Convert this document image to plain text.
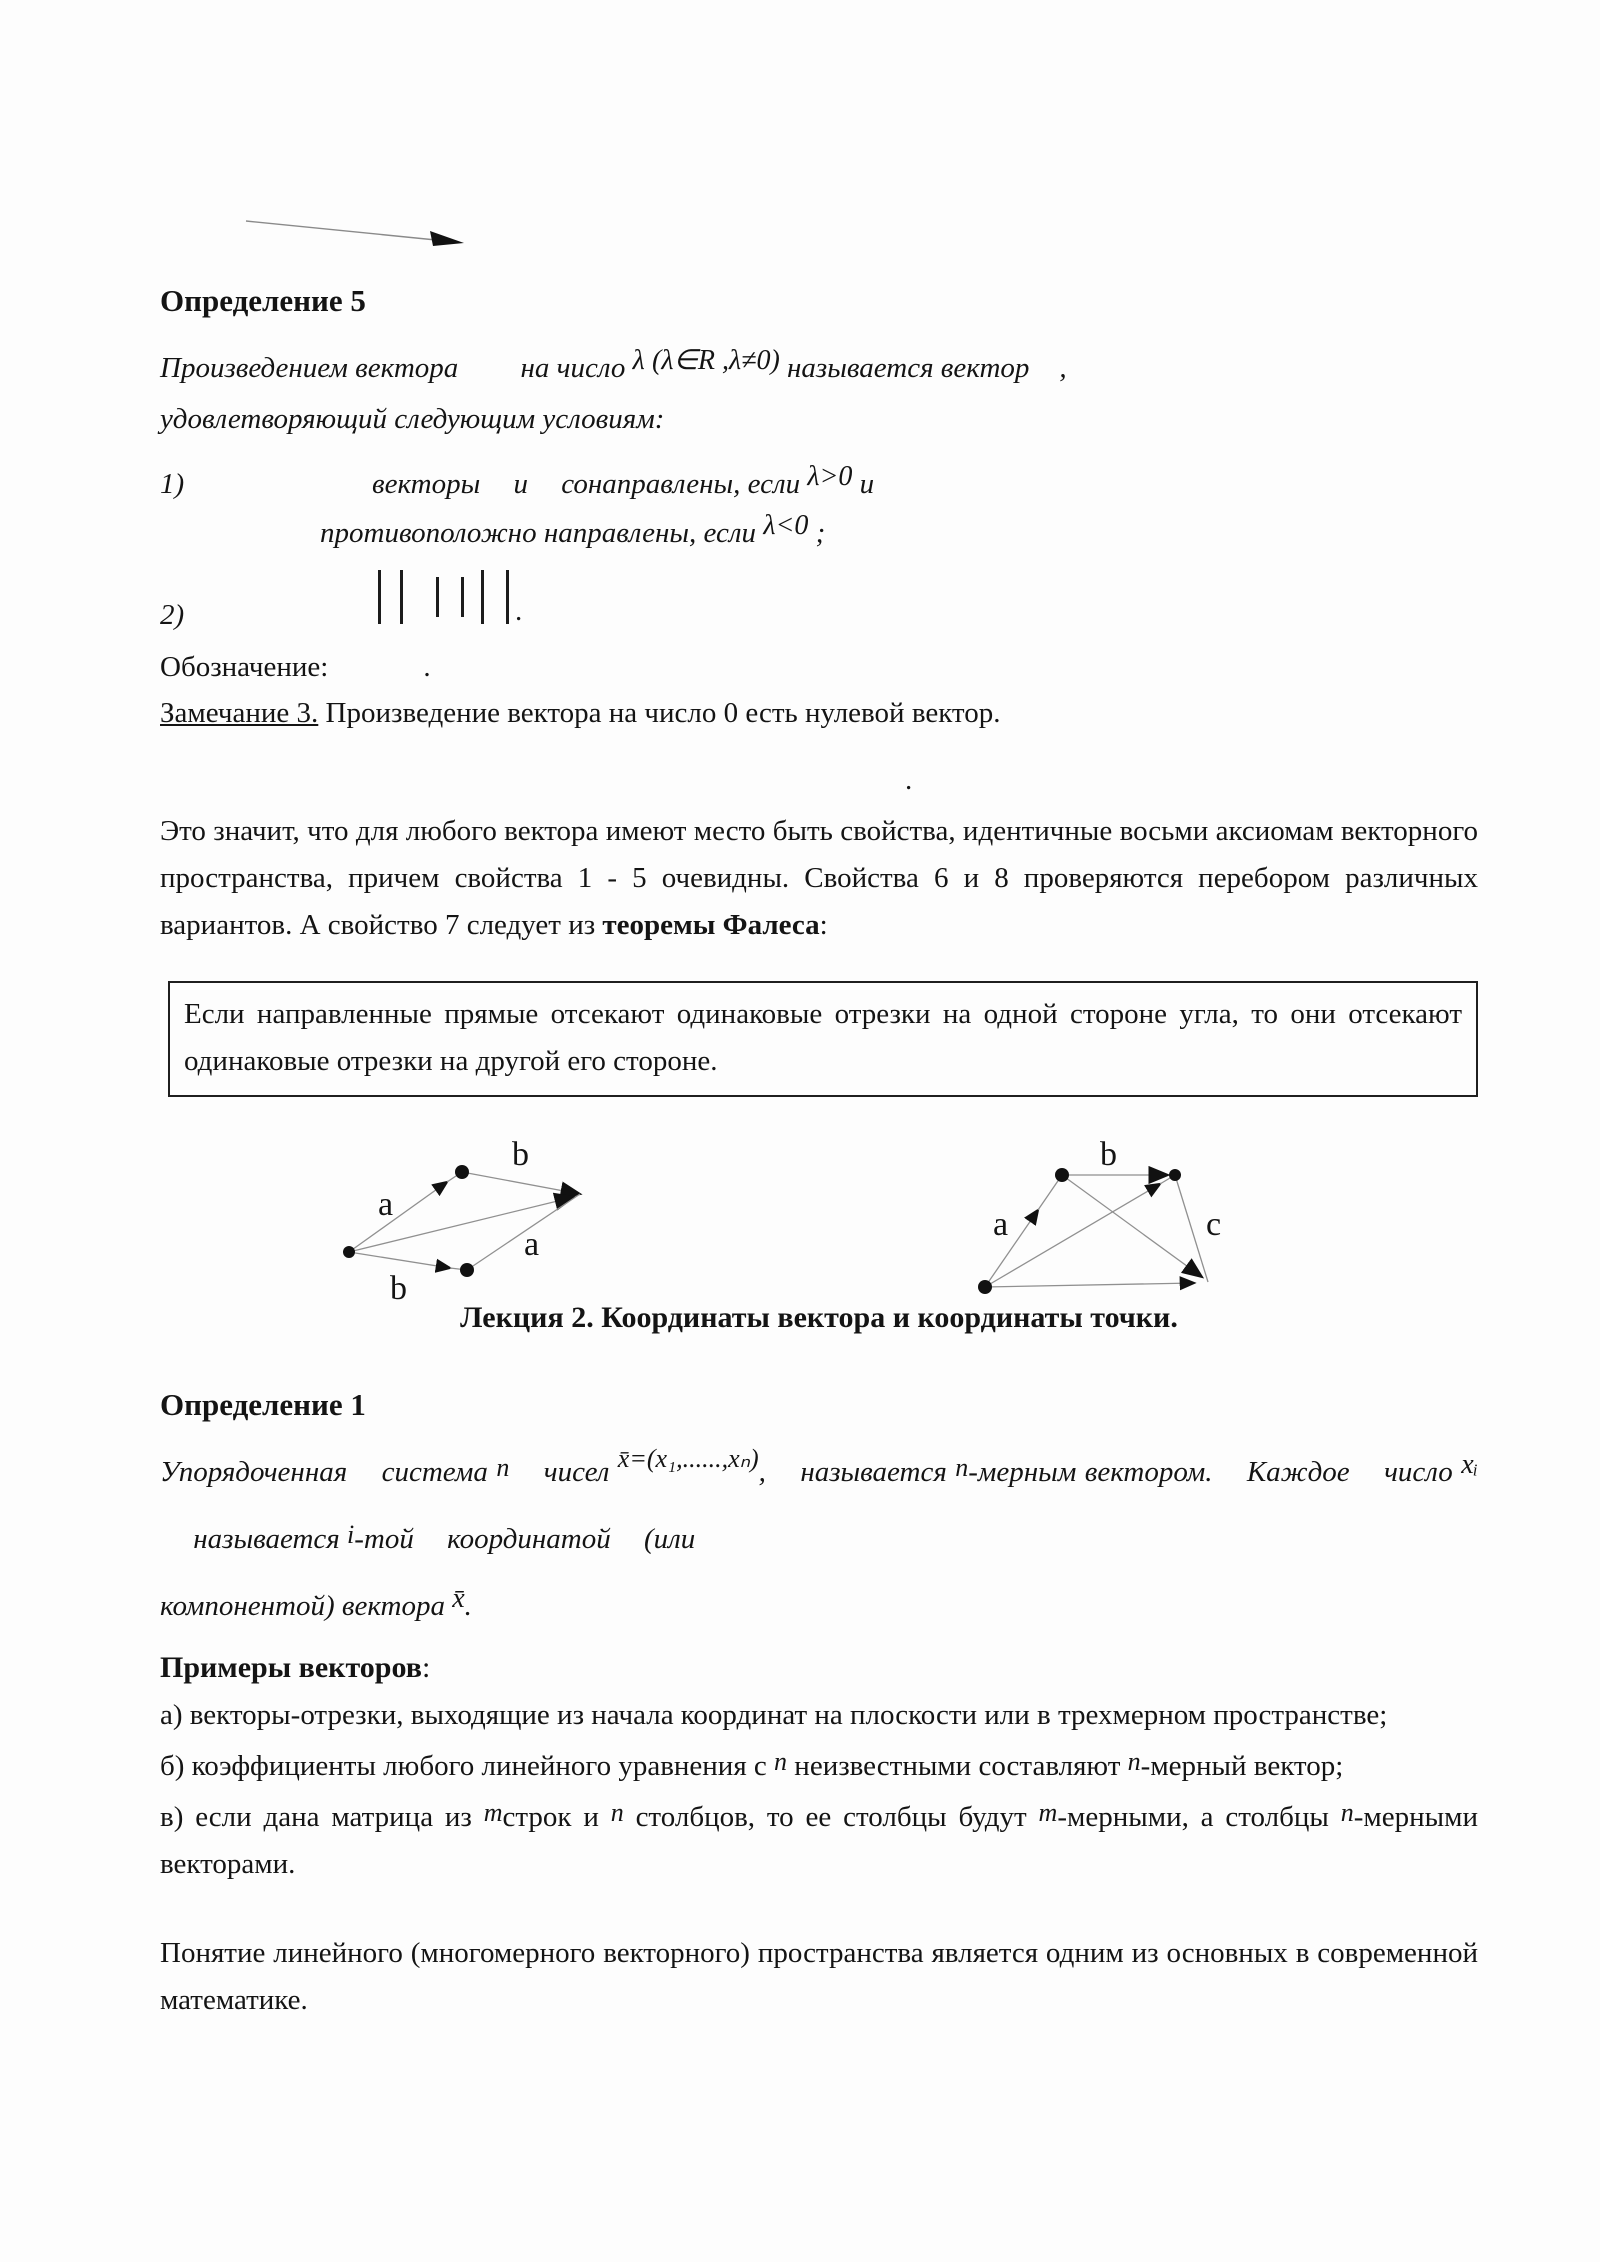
Определение 5
Произведением вектора на число λ (λ∈R ,λ≠0) называется вектор ,
удовлетворяющий следующим условиям:
1)	векторы и сонаправлены, если λ>0 и
противоположно направлены, если λ<0 ;
2)	.
Обозначение:	.
Замечание 3. Произведение вектора на число 0 есть нулевой вектор.
.
Это значит, что для любого вектора имеют место быть свойства, идентичные восьми аксиомам векторного пространства, причем свойства 1 - 5 очевидны. Свойства 6 и 8 проверяются перебором различных вариантов. А свойство 7 следует из теоремы Фалеса:
Если направленные прямые отсекают одинаковые отрезки на одной стороне угла, то они отсекают одинаковые отрезки на другой его стороне.
a
b
a
b
a
b
c
Лекция 2. Координаты вектора и координаты точки.
Определение 1
Упорядоченная система n чисел x̄=(x₁,......,xₙ), называется n-мерным вектором. Каждое число xᵢ называется i-той координатой (или
компонентой) вектора x̄.
Примеры векторов:
а) векторы-отрезки, выходящие из начала координат на плоскости или в трехмерном пространстве;
б) коэффициенты любого линейного уравнения с n неизвестными составляют n-мерный вектор;
в) если дана матрица из mстрок и n столбцов, то ее столбцы будут m-мерными, а столбцы n-мерными векторами.
Понятие линейного (многомерного векторного) пространства является одним из основных в современной математике.
